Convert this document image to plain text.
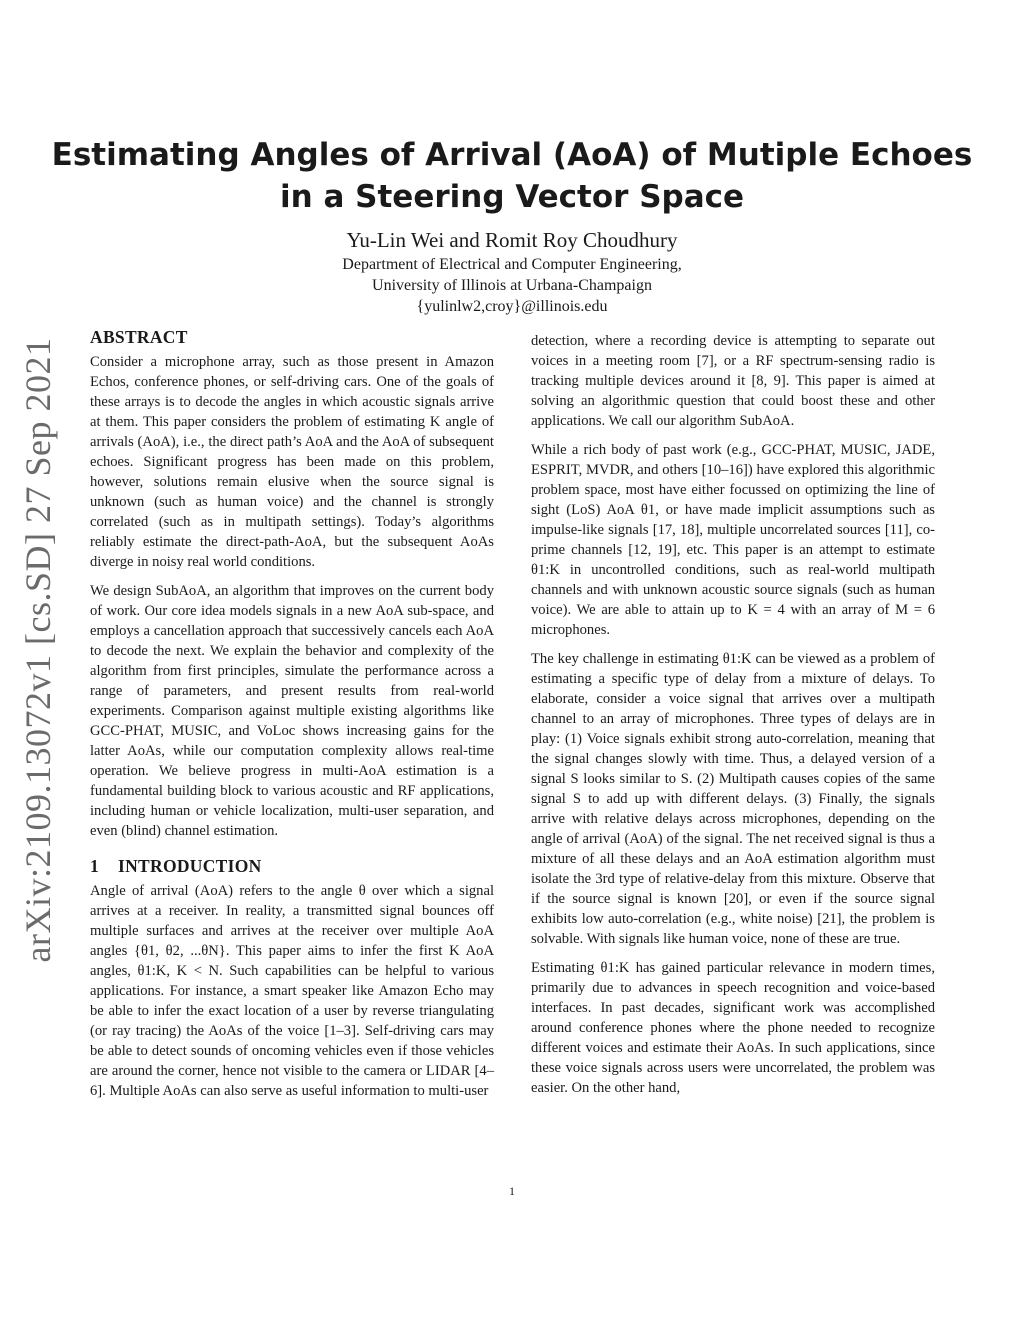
arXiv:2109.13072v1 [cs.SD] 27 Sep 2021
Estimating Angles of Arrival (AoA) of Mutiple Echoes
in a Steering Vector Space
Yu-Lin Wei and Romit Roy Choudhury
Department of Electrical and Computer Engineering,
University of Illinois at Urbana-Champaign
{yulinlw2,croy}@illinois.edu
ABSTRACT

Consider a microphone array, such as those present in Amazon Echos, conference phones, or self-driving cars. One of the goals of these arrays is to decode the angles in which acoustic signals arrive at them. This paper considers the problem of estimating K angle of arrivals (AoA), i.e., the direct path’s AoA and the AoA of subsequent echoes. Significant progress has been made on this problem, however, solutions remain elusive when the source signal is unknown (such as human voice) and the channel is strongly correlated (such as in multipath settings). Today’s algorithms reliably estimate the direct-path-AoA, but the subsequent AoAs diverge in noisy real world conditions.

We design SubAoA, an algorithm that improves on the current body of work. Our core idea models signals in a new AoA sub-space, and employs a cancellation approach that successively cancels each AoA to decode the next. We explain the behavior and complexity of the algorithm from first principles, simulate the performance across a range of parameters, and present results from real-world experiments. Comparison against multiple existing algorithms like GCC-PHAT, MUSIC, and VoLoc shows increasing gains for the latter AoAs, while our computation complexity allows real-time operation. We believe progress in multi-AoA estimation is a fundamental building block to various acoustic and RF applications, including human or vehicle localization, multi-user separation, and even (blind) channel estimation.

1 INTRODUCTION

Angle of arrival (AoA) refers to the angle θ over which a signal arrives at a receiver. In reality, a transmitted signal bounces off multiple surfaces and arrives at the receiver over multiple AoA angles {θ1, θ2, ...θN}. This paper aims to infer the first K AoA angles, θ1:K, K < N. Such capabilities can be helpful to various applications. For instance, a smart speaker like Amazon Echo may be able to infer the exact location of a user by reverse triangulating (or ray tracing) the AoAs of the voice [1–3]. Self-driving cars may be able to detect sounds of oncoming vehicles even if those vehicles are around the corner, hence not visible to the camera or LIDAR [4–6]. Multiple AoAs can also serve as useful information to multi-user

detection, where a recording device is attempting to separate out voices in a meeting room [7], or a RF spectrum-sensing radio is tracking multiple devices around it [8, 9]. This paper is aimed at solving an algorithmic question that could boost these and other applications. We call our algorithm SubAoA.

While a rich body of past work (e.g., GCC-PHAT, MUSIC, JADE, ESPRIT, MVDR, and others [10–16]) have explored this algorithmic problem space, most have either focussed on optimizing the line of sight (LoS) AoA θ1, or have made implicit assumptions such as impulse-like signals [17, 18], multiple uncorrelated sources [11], co-prime channels [12, 19], etc. This paper is an attempt to estimate θ1:K in uncontrolled conditions, such as real-world multipath channels and with unknown acoustic source signals (such as human voice). We are able to attain up to K = 4 with an array of M = 6 microphones.

The key challenge in estimating θ1:K can be viewed as a problem of estimating a specific type of delay from a mixture of delays. To elaborate, consider a voice signal that arrives over a multipath channel to an array of microphones. Three types of delays are in play: (1) Voice signals exhibit strong auto-correlation, meaning that the signal changes slowly with time. Thus, a delayed version of a signal S looks similar to S. (2) Multipath causes copies of the same signal S to add up with different delays. (3) Finally, the signals arrive with relative delays across microphones, depending on the angle of arrival (AoA) of the signal. The net received signal is thus a mixture of all these delays and an AoA estimation algorithm must isolate the 3rd type of relative-delay from this mixture. Observe that if the source signal is known [20], or even if the source signal exhibits low auto-correlation (e.g., white noise) [21], the problem is solvable. With signals like human voice, none of these are true.

Estimating θ1:K has gained particular relevance in modern times, primarily due to advances in speech recognition and voice-based interfaces. In past decades, significant work was accomplished around conference phones where the phone needed to recognize different voices and estimate their AoAs. In such applications, since these voice signals across users were uncorrelated, the problem was easier. On the other hand,

1
